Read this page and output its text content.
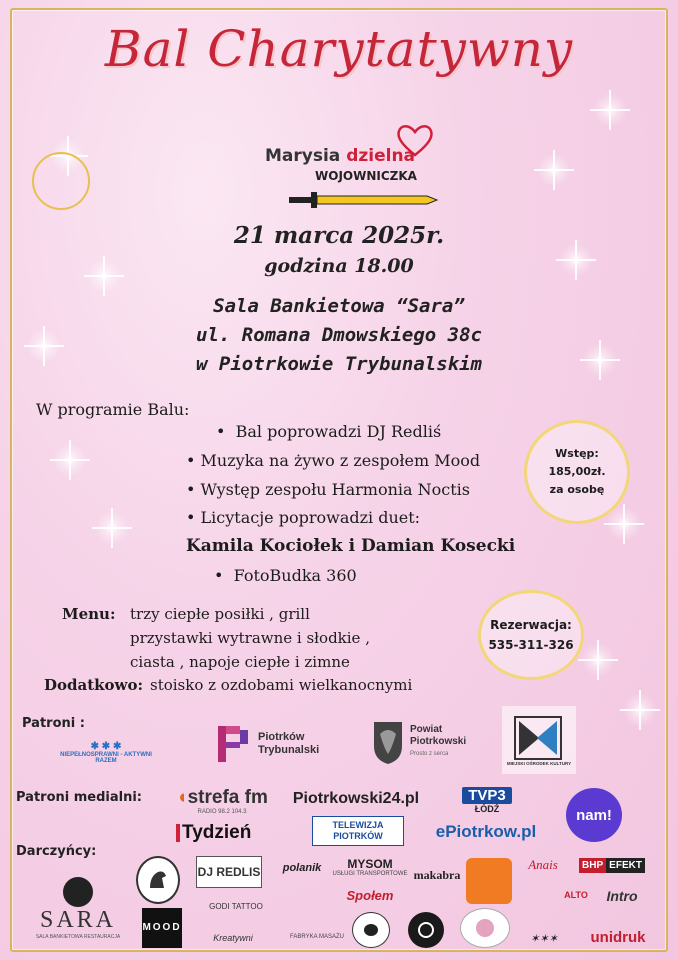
Bal Charytatywny
Marysia dzielna
WOJOWNICZKA
21 marca 2025r.
godzina 18.00
Sala Bankietowa “Sara”
ul. Romana Dmowskiego 38c
w Piotrkowie Trybunalskim
W programie Balu:
•  Bal poprowadzi DJ Redliś
• Muzyka na żywo z zespołem Mood
• Występ zespołu Harmonia Noctis
• Licytacje poprowadzi duet:
Kamila Kociołek i Damian Kosecki
•  FotoBudka 360
Wstęp:
185,00zł.
za osobę
Rezerwacja:
535-311-326
Menu: trzy ciepłe posiłki , grill
przystawki wytrawne i słodkie ,
ciasta , napoje ciepłe i zimne
Dodatkowo: stoisko z ozdobami wielkanocnymi
Patroni :
✱ ✱ ✱
NIEPEŁNOSPRAWNI - AKTYWNI RAZEM
Piotrków Trybunalski
Powiat Piotrkowski
Prosto z serca
MIEJSKI OŚRODEK KULTURY
Patroni medialni: ◖strefa fm
RADIO 98.2 104.3
Piotrkowski24.pl	TVP3
ŁÓDŹ	nam!
Tydzień	TELEWIZJA PIOTRKÓW	ePiotrkow.pl
Darczyńcy:
SARA
SALA BANKIETOWA RESTAURACJA
MOOD
DJ REDLIS
GODI TATTOO
polanik	MYSOM
USŁUGI TRANSPORTOWE
Społem
makabra
Anais	BHP EFEKT
ALTO	Intro
unidruk
FABRYKA MASAŻU
Kreatywni	✶✶✶
